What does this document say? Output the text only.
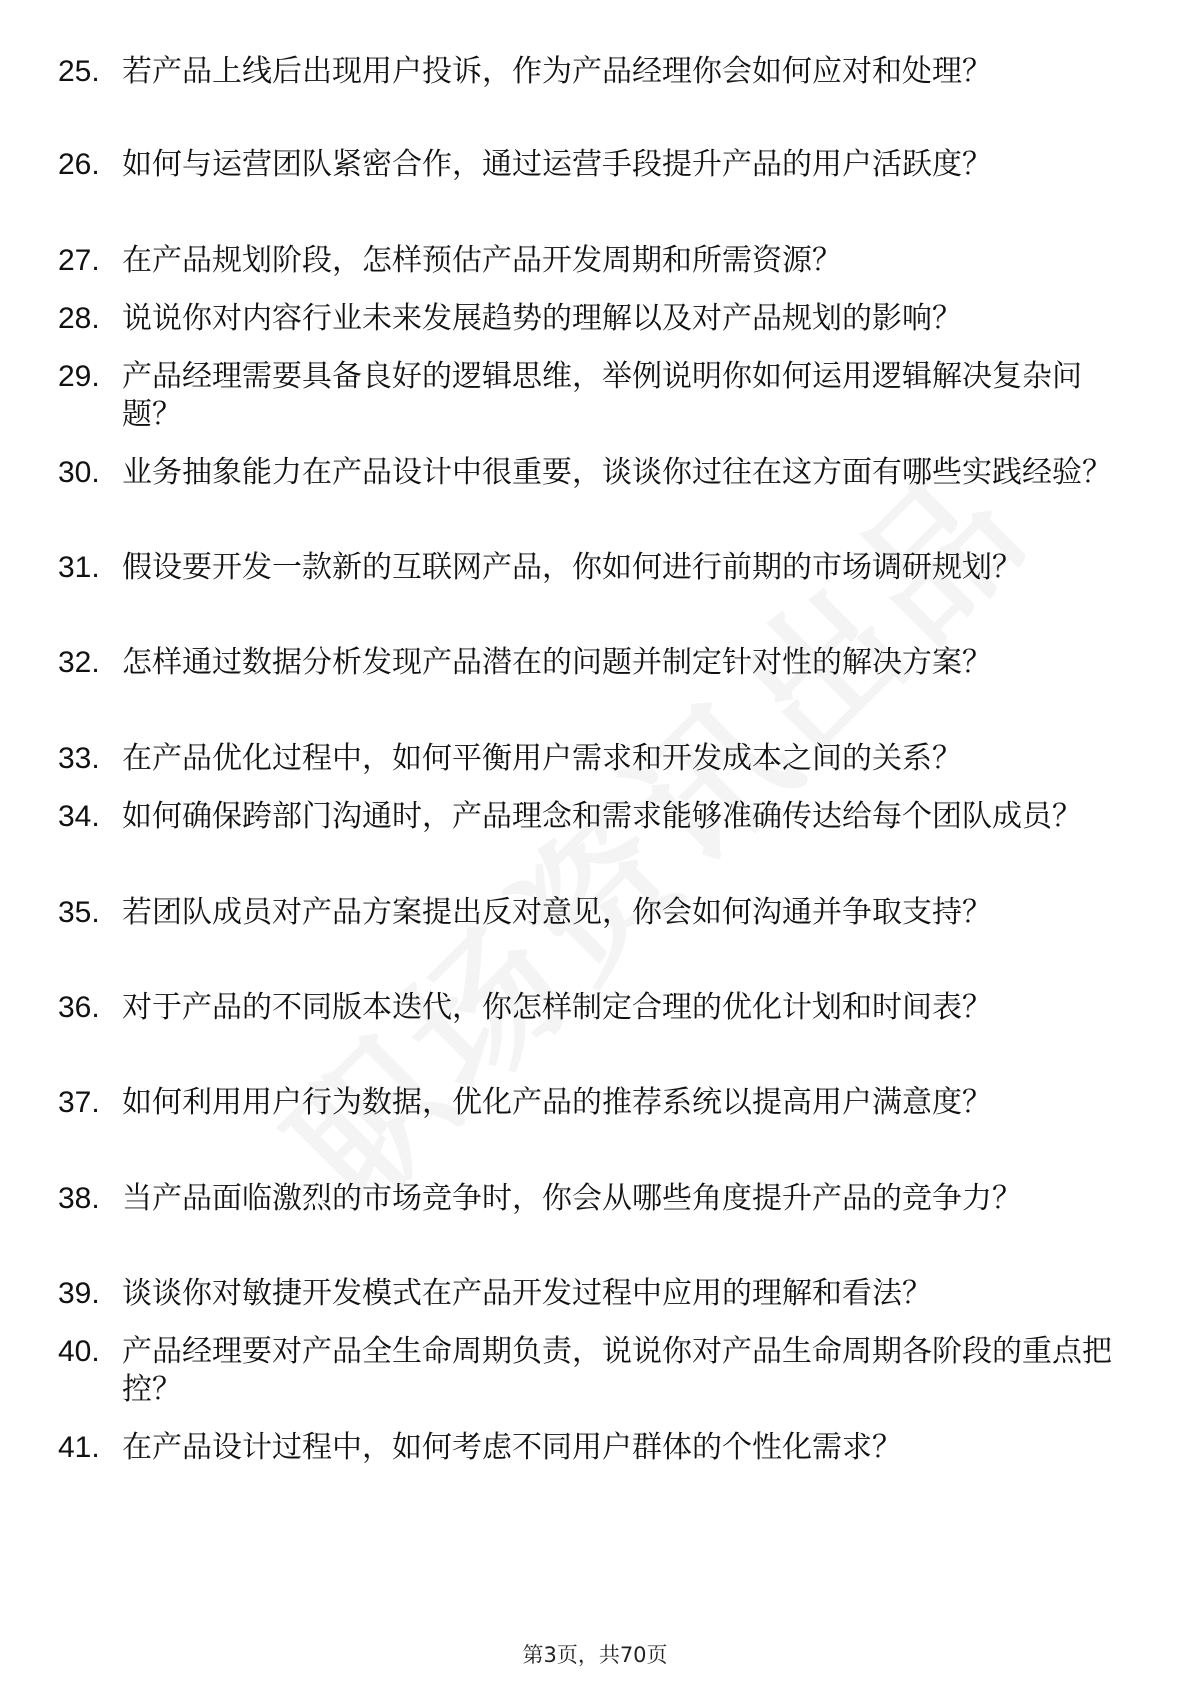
25. 若产品上线后出现用户投诉，作为产品经理你会如何应对和处理？
26. 如何与运营团队紧密合作，通过运营手段提升产品的用户活跃度？
27. 在产品规划阶段，怎样预估产品开发周期和所需资源？
28. 说说你对内容行业未来发展趋势的理解以及对产品规划的影响？
29. 产品经理需要具备良好的逻辑思维，举例说明你如何运用逻辑解决复杂问题？
30. 业务抽象能力在产品设计中很重要，谈谈你过往在这方面有哪些实践经验？
31. 假设要开发一款新的互联网产品，你如何进行前期的市场调研规划？
32. 怎样通过数据分析发现产品潜在的问题并制定针对性的解决方案？
33. 在产品优化过程中，如何平衡用户需求和开发成本之间的关系？
34. 如何确保跨部门沟通时，产品理念和需求能够准确传达给每个团队成员？
35. 若团队成员对产品方案提出反对意见，你会如何沟通并争取支持？
36. 对于产品的不同版本迭代，你怎样制定合理的优化计划和时间表？
37. 如何利用用户行为数据，优化产品的推荐系统以提高用户满意度？
38. 当产品面临激烈的市场竞争时，你会从哪些角度提升产品的竞争力？
39. 谈谈你对敏捷开发模式在产品开发过程中应用的理解和看法？
40. 产品经理要对产品全生命周期负责，说说你对产品生命周期各阶段的重点把控？
41. 在产品设计过程中，如何考虑不同用户群体的个性化需求？
第3页，共70页
